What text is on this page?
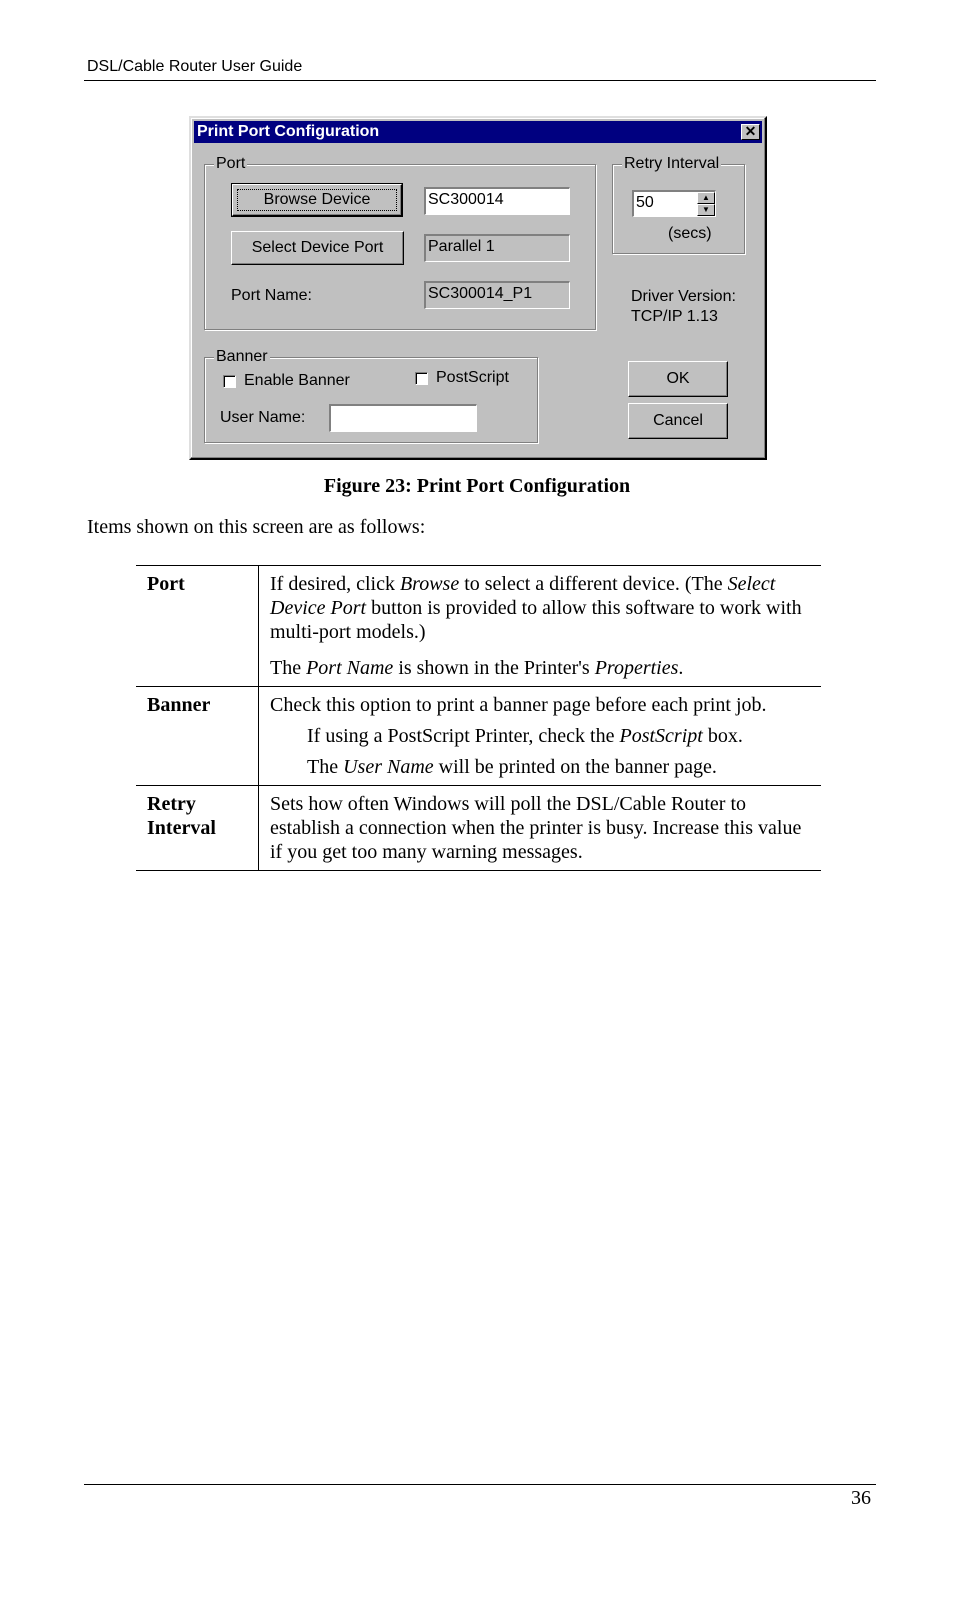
DSL/Cable Router User Guide
Print Port Configuration	✕
Port
Browse Device	SC300014
Select Device Port	Parallel 1
Port Name:	SC300014_P1
Retry Interval
50	▲
▼
(secs)
Driver Version:
TCP/IP 1.13
Banner
Enable Banner	PostScript
User Name:
OK
Cancel
Figure 23: Print Port Configuration
Items shown on this screen are as follows:
Port	If desired, click Browse to select a different device. (The Select Device Port button is provided to allow this software to work with multi-port models.)

The Port Name is shown in the Printer's Properties.

Banner	Check this option to print a banner page before each print job.

If using a PostScript Printer, check the PostScript box.

The User Name will be printed on the banner page.

Retry
Interval	Sets how often Windows will poll the DSL/Cable Router to establish a connection when the printer is busy. Increase this value if you get too many warning messages.

36
